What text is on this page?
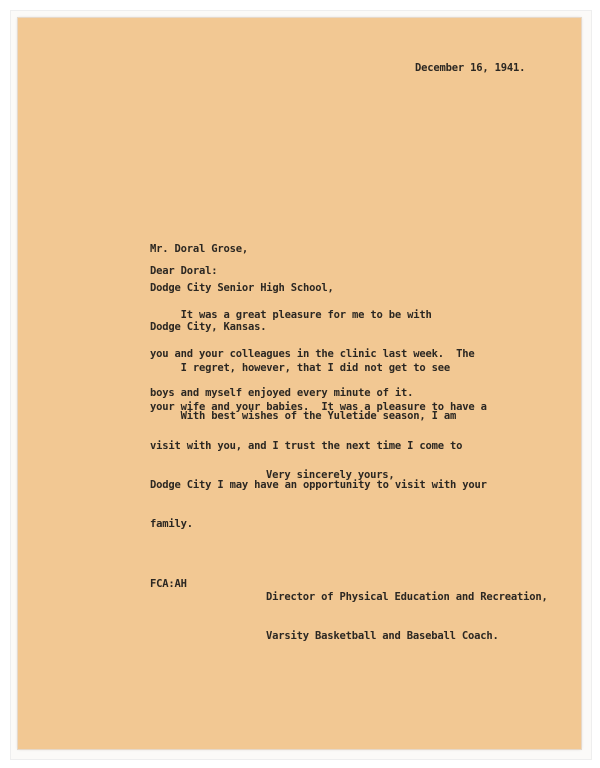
December 16, 1941.

Mr. Doral Grose,

Dodge City Senior High School,

Dodge City, Kansas.

Dear Doral:

It was a great pleasure for me to be with

you and your colleagues in the clinic last week.  The

boys and myself enjoyed every minute of it.

I regret, however, that I did not get to see

your wife and your babies.  It was a pleasure to have a

visit with you, and I trust the next time I come to

Dodge City I may have an opportunity to visit with your

family.

With best wishes of the Yuletide season, I am

Very sincerely yours,

Director of Physical Education and Recreation,

Varsity Basketball and Baseball Coach.

FCA:AH
